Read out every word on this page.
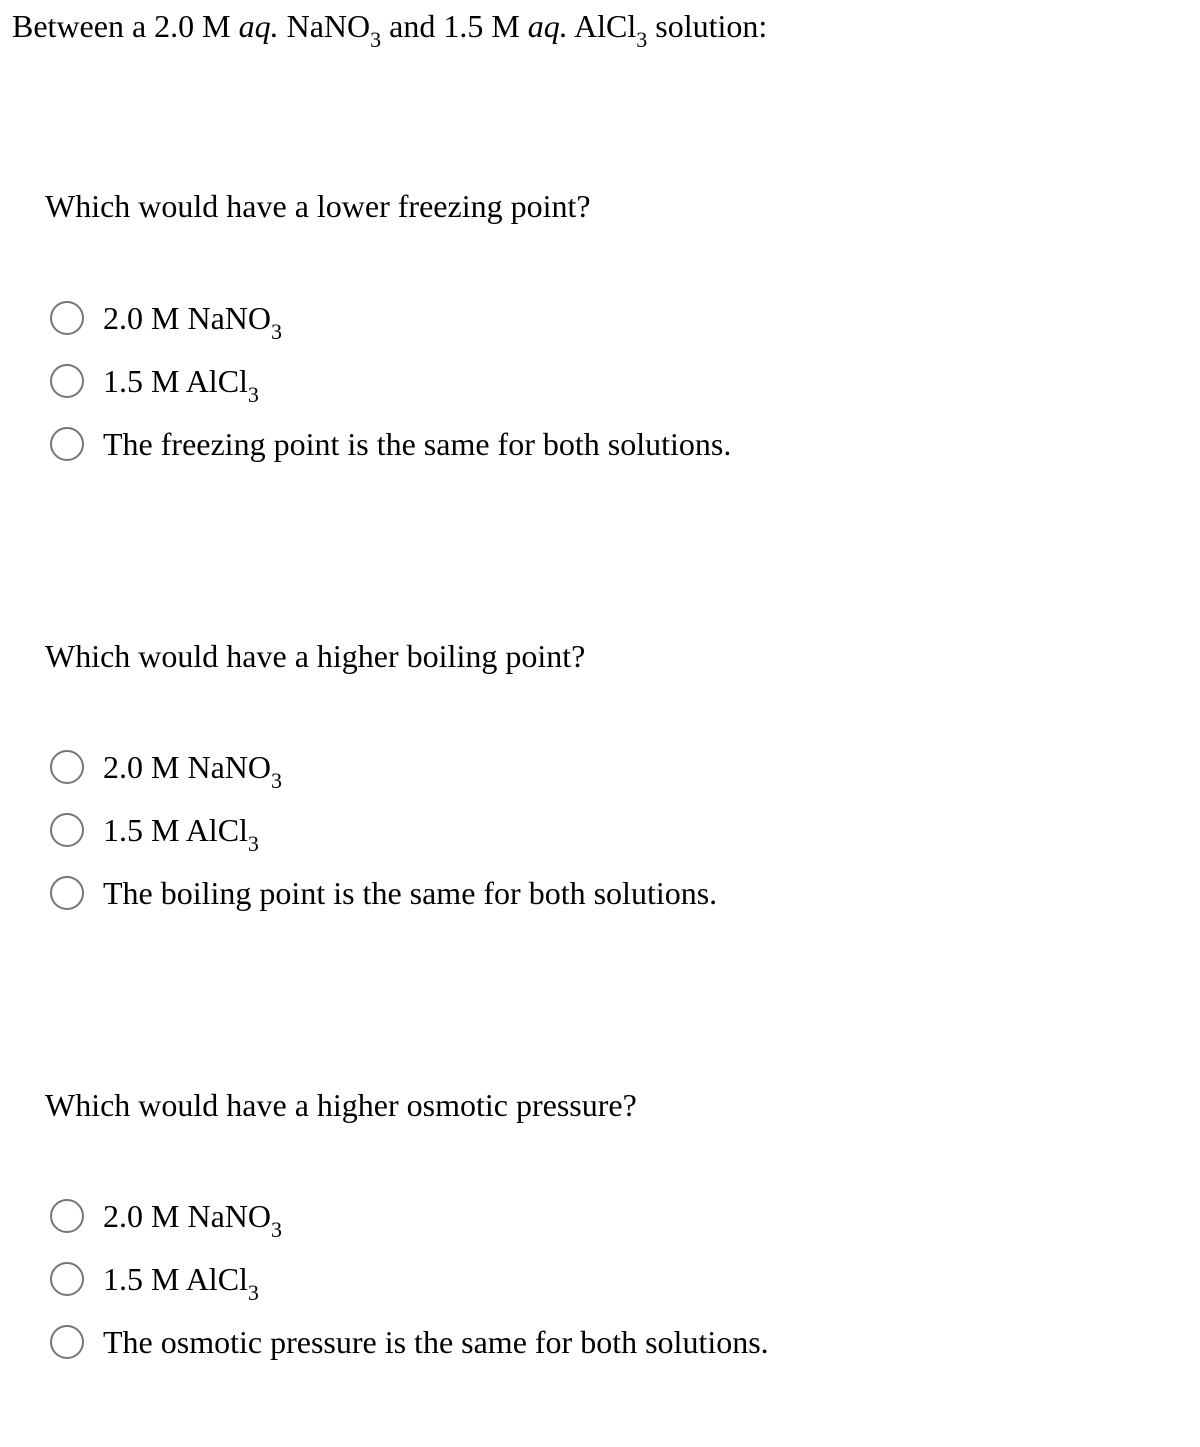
Between a 2.0 M aq. NaNO$_3$ and 1.5 M aq. AlCl$_3$ solution:
Which would have a lower freezing point?
2.0 M NaNO$_3$
1.5 M AlCl$_3$
The freezing point is the same for both solutions.
Which would have a higher boiling point?
2.0 M NaNO$_3$
1.5 M AlCl$_3$
The boiling point is the same for both solutions.
Which would have a higher osmotic pressure?
2.0 M NaNO$_3$
1.5 M AlCl$_3$
The osmotic pressure is the same for both solutions.
